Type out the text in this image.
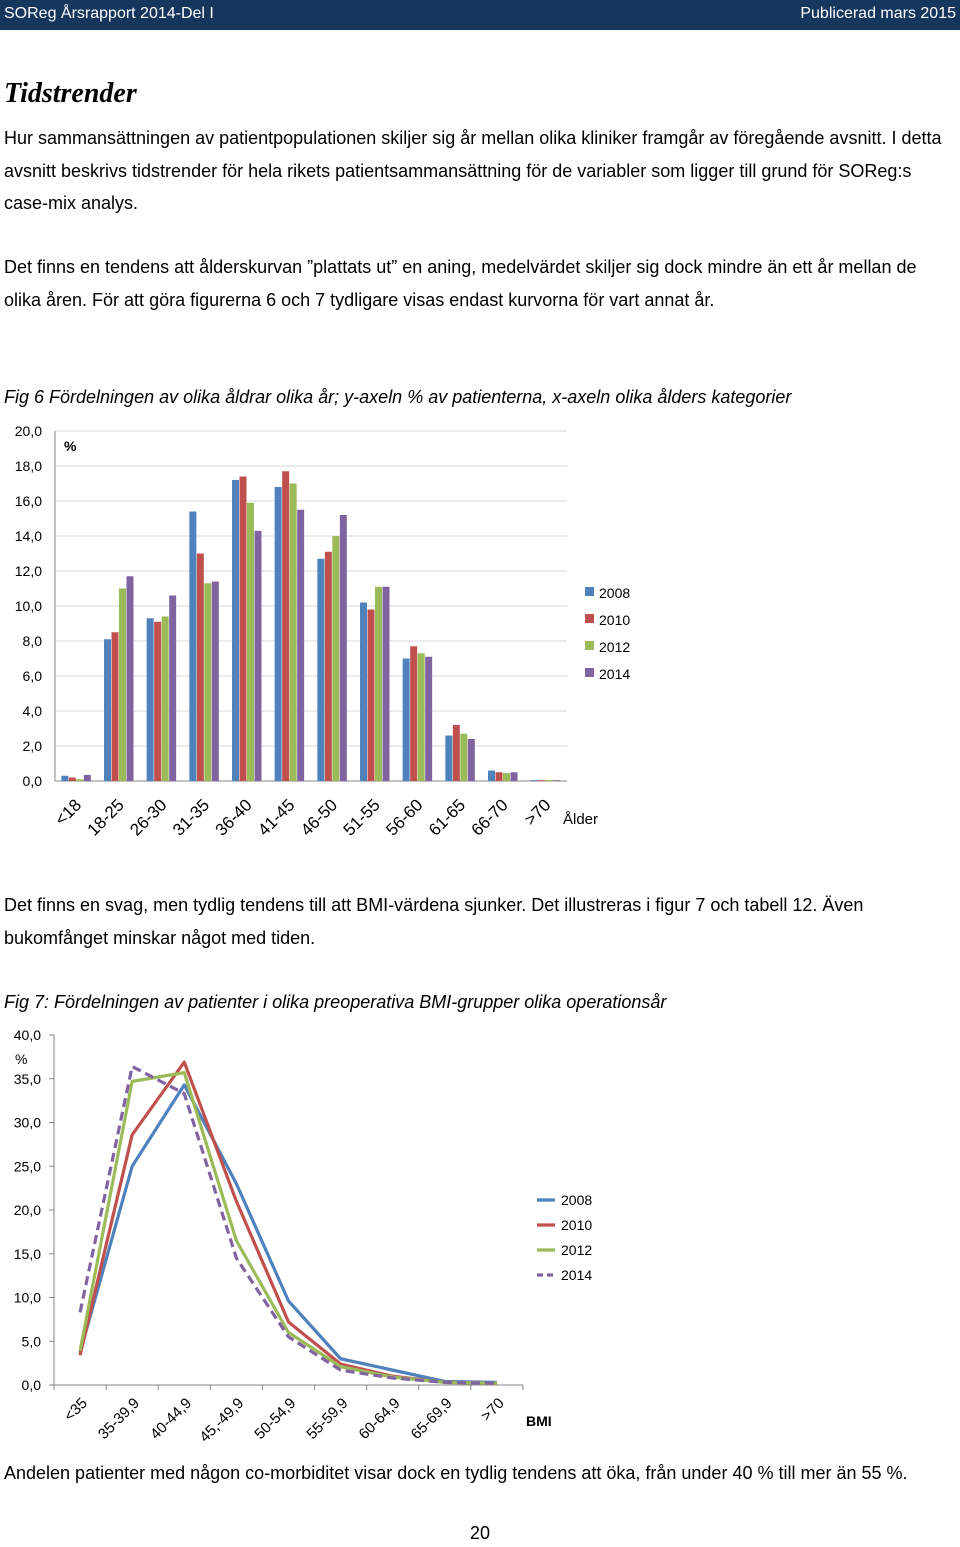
SOReg Årsrapport 2014-Del I	Publicerad mars 2015
Tidstrender
Hur sammansättningen av patientpopulationen skiljer sig år mellan olika kliniker framgår av föregående avsnitt. I detta avsnitt beskrivs tidstrender för hela rikets patientsammansättning för de variabler som ligger till grund för SOReg:s case-mix analys.
Det finns en tendens att ålderskurvan ”plattats ut” en aning, medelvärdet skiljer sig dock mindre än ett år mellan de olika åren. För att göra figurerna 6 och 7 tydligare visas endast kurvorna för vart annat år.
Fig 6 Fördelningen av olika åldrar olika år; y-axeln % av patienterna, x-axeln olika ålders kategorier
0,0
2,0
4,0
6,0
8,0
10,0
12,0
14,0
16,0
18,0
20,0
%
<18
18-25
26-30
31-35
36-40
41-45
46-50
51-55
56-60
61-65
66-70 >70 Ålder
2008
2010
2012
2014
Det finns en svag, men tydlig tendens till att BMI-värdena sjunker. Det illustreras i figur 7 och tabell 12. Även bukomfånget minskar något med tiden.
Fig 7: Fördelningen av patienter i olika preoperativa BMI-grupper olika operationsår
0,0
5,0
10,0
15,0
20,0
25,0
30,0
35,0
40,0
%
<35 35-39,9 40-44,9 45,-49,9 50-54,9 55-59,9 60-64,9 65-69,9 >70 BMI
2008
2010
2012
2014
Andelen patienter med någon co-morbiditet visar dock en tydlig tendens att öka, från under 40 % till mer än 55 %.
20
